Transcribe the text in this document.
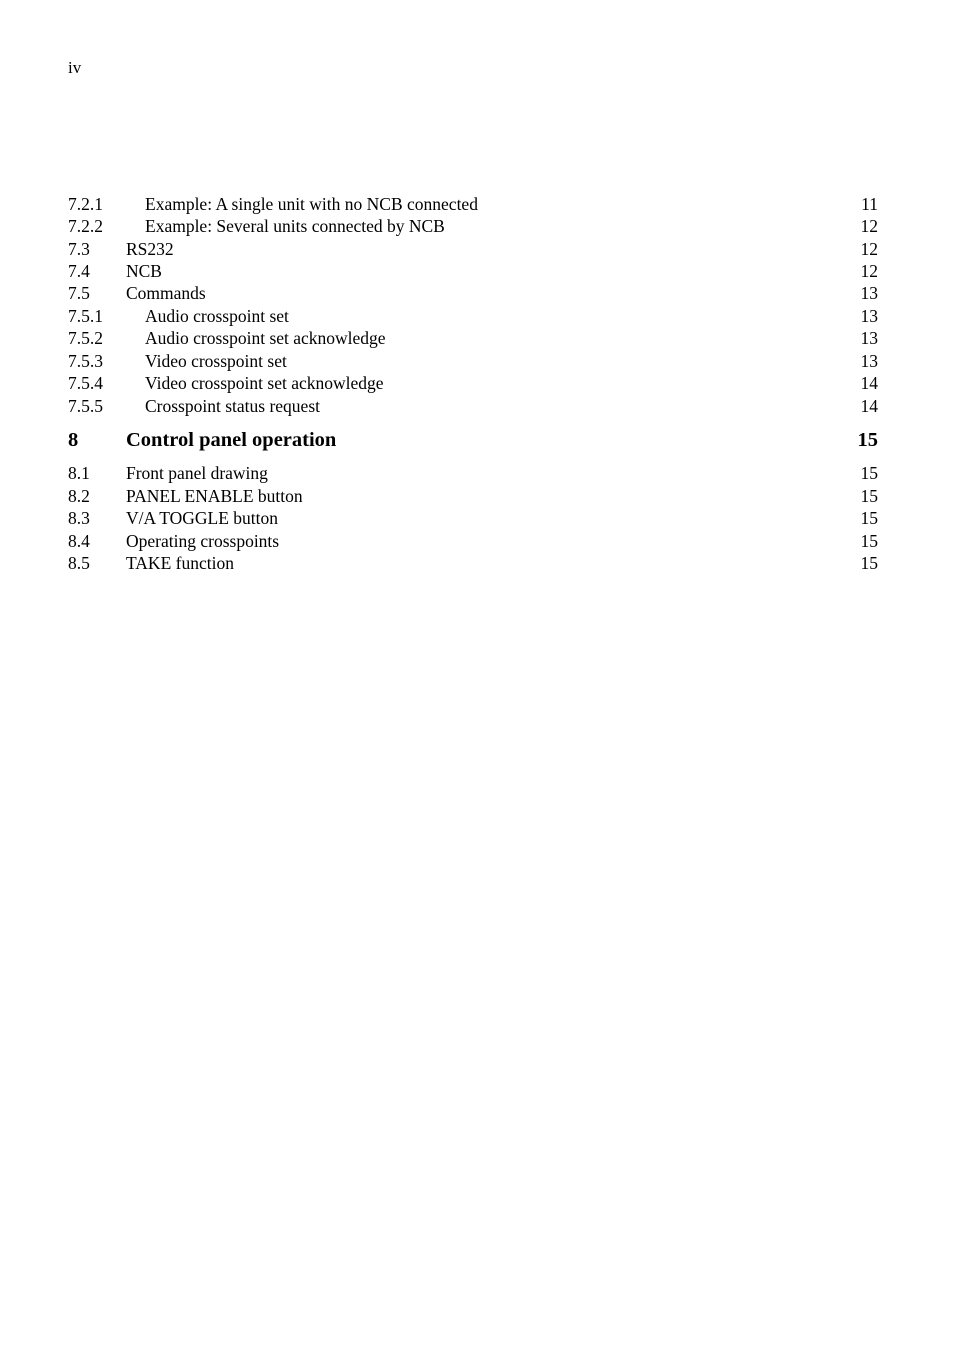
iv
7.2.1 Example: A single unit with no NCB connected	11
7.2.2 Example: Several units connected by NCB	12
7.3 RS232	12
7.4 NCB	12
7.5 Commands	13
7.5.1 Audio crosspoint set	13
7.5.2 Audio crosspoint set acknowledge	13
7.5.3 Video crosspoint set	13
7.5.4 Video crosspoint set acknowledge	14
7.5.5 Crosspoint status request	14
8 Control panel operation	15
8.1 Front panel drawing	15
8.2 PANEL ENABLE button	15
8.3 V/A TOGGLE button	15
8.4 Operating crosspoints	15
8.5 TAKE function	15
